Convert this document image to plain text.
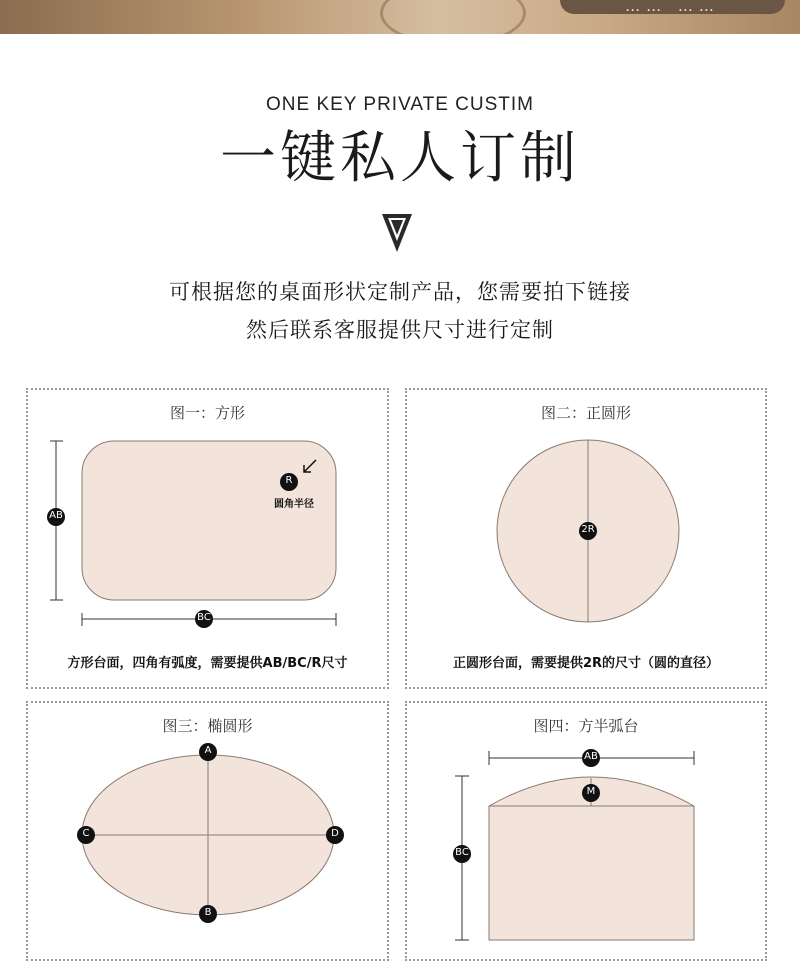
…… ……
ONE KEY PRIVATE CUSTIM
一键私人订制
可根据您的桌面形状定制产品，您需要拍下链接
然后联系客服提供尺寸进行定制
图一：方形
AB
BC
R
圆角半径
方形台面，四角有弧度，需要提供AB/BC/R尺寸
图二：正圆形
2R
正圆形台面，需要提供2R的尺寸（圆的直径）
图三：椭圆形
A
B
C	D
图四：方半弧台
AB
M
BC
